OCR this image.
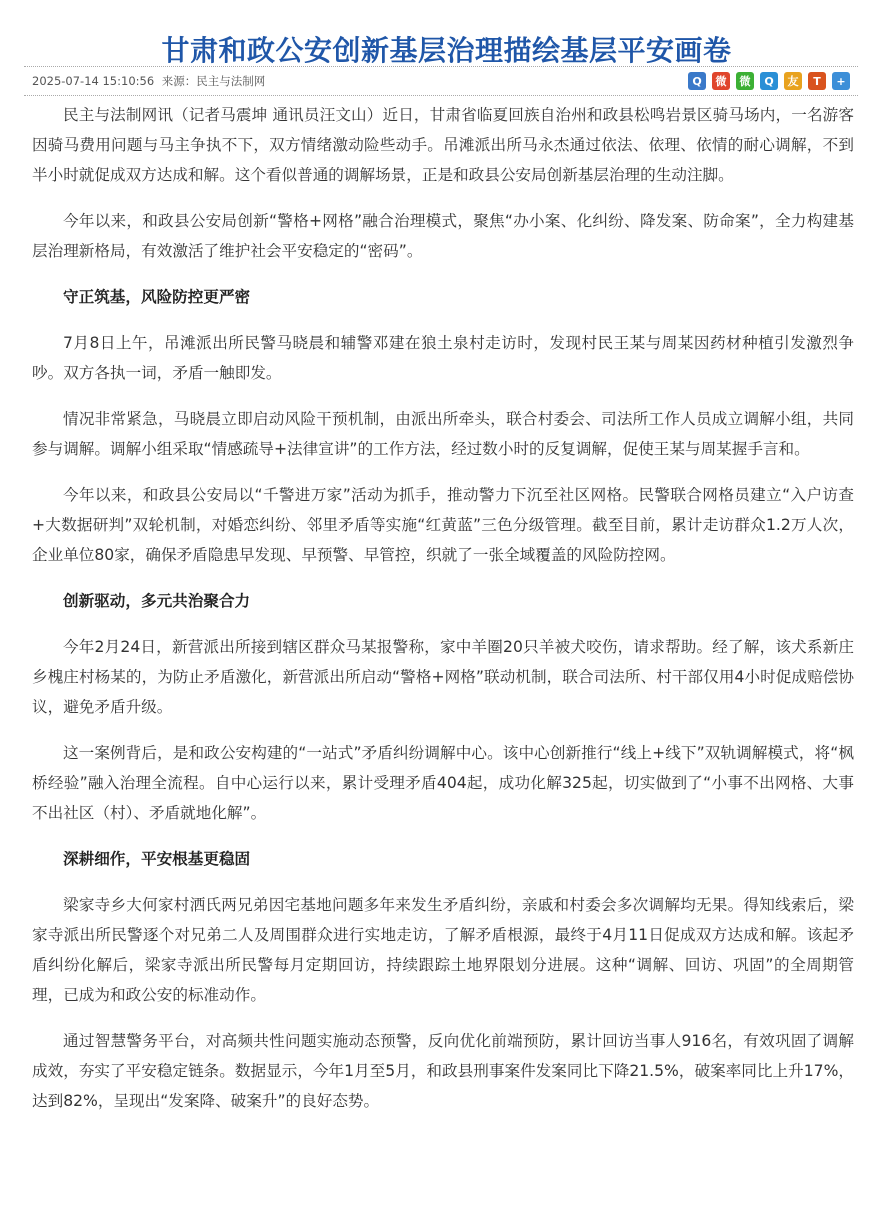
甘肃和政公安创新基层治理描绘基层平安画卷
2025-07-14 15:10:56 来源：民主与法制网	Q	微	微	Q	友	T	+

民主与法制网讯（记者马震坤 通讯员汪文山）近日，甘肃省临夏回族自治州和政县松鸣岩景区骑马场内，一名游客因骑马费用问题与马主争执不下，双方情绪激动险些动手。吊滩派出所马永杰通过依法、依理、依情的耐心调解，不到半小时就促成双方达成和解。这个看似普通的调解场景，正是和政县公安局创新基层治理的生动注脚。

今年以来，和政县公安局创新“警格+网格”融合治理模式，聚焦“办小案、化纠纷、降发案、防命案”，全力构建基层治理新格局，有效激活了维护社会平安稳定的“密码”。

守正筑基，风险防控更严密

7月8日上午，吊滩派出所民警马晓晨和辅警邓建在狼土泉村走访时，发现村民王某与周某因药材种植引发激烈争吵。双方各执一词，矛盾一触即发。

情况非常紧急，马晓晨立即启动风险干预机制，由派出所牵头，联合村委会、司法所工作人员成立调解小组，共同参与调解。调解小组采取“情感疏导+法律宣讲”的工作方法，经过数小时的反复调解，促使王某与周某握手言和。

今年以来，和政县公安局以“千警进万家”活动为抓手，推动警力下沉至社区网格。民警联合网格员建立“入户访查+大数据研判”双轮机制，对婚恋纠纷、邻里矛盾等实施“红黄蓝”三色分级管理。截至目前，累计走访群众1.2万人次，企业单位80家，确保矛盾隐患早发现、早预警、早管控，织就了一张全域覆盖的风险防控网。

创新驱动，多元共治聚合力

今年2月24日，新营派出所接到辖区群众马某报警称，家中羊圈20只羊被犬咬伤，请求帮助。经了解，该犬系新庄乡槐庄村杨某的，为防止矛盾激化，新营派出所启动“警格+网格”联动机制，联合司法所、村干部仅用4小时促成赔偿协议，避免矛盾升级。

这一案例背后，是和政公安构建的“一站式”矛盾纠纷调解中心。该中心创新推行“线上+线下”双轨调解模式，将“枫桥经验”融入治理全流程。自中心运行以来，累计受理矛盾404起，成功化解325起，切实做到了“小事不出网格、大事不出社区（村）、矛盾就地化解”。

深耕细作，平安根基更稳固

梁家寺乡大何家村洒氏两兄弟因宅基地问题多年来发生矛盾纠纷，亲戚和村委会多次调解均无果。得知线索后，梁家寺派出所民警逐个对兄弟二人及周围群众进行实地走访，了解矛盾根源，最终于4月11日促成双方达成和解。该起矛盾纠纷化解后，梁家寺派出所民警每月定期回访，持续跟踪土地界限划分进展。这种“调解、回访、巩固”的全周期管理，已成为和政公安的标准动作。

通过智慧警务平台，对高频共性问题实施动态预警，反向优化前端预防，累计回访当事人916名，有效巩固了调解成效，夯实了平安稳定链条。数据显示，今年1月至5月，和政县刑事案件发案同比下降21.5%，破案率同比上升17%，达到82%，呈现出“发案降、破案升”的良好态势。
